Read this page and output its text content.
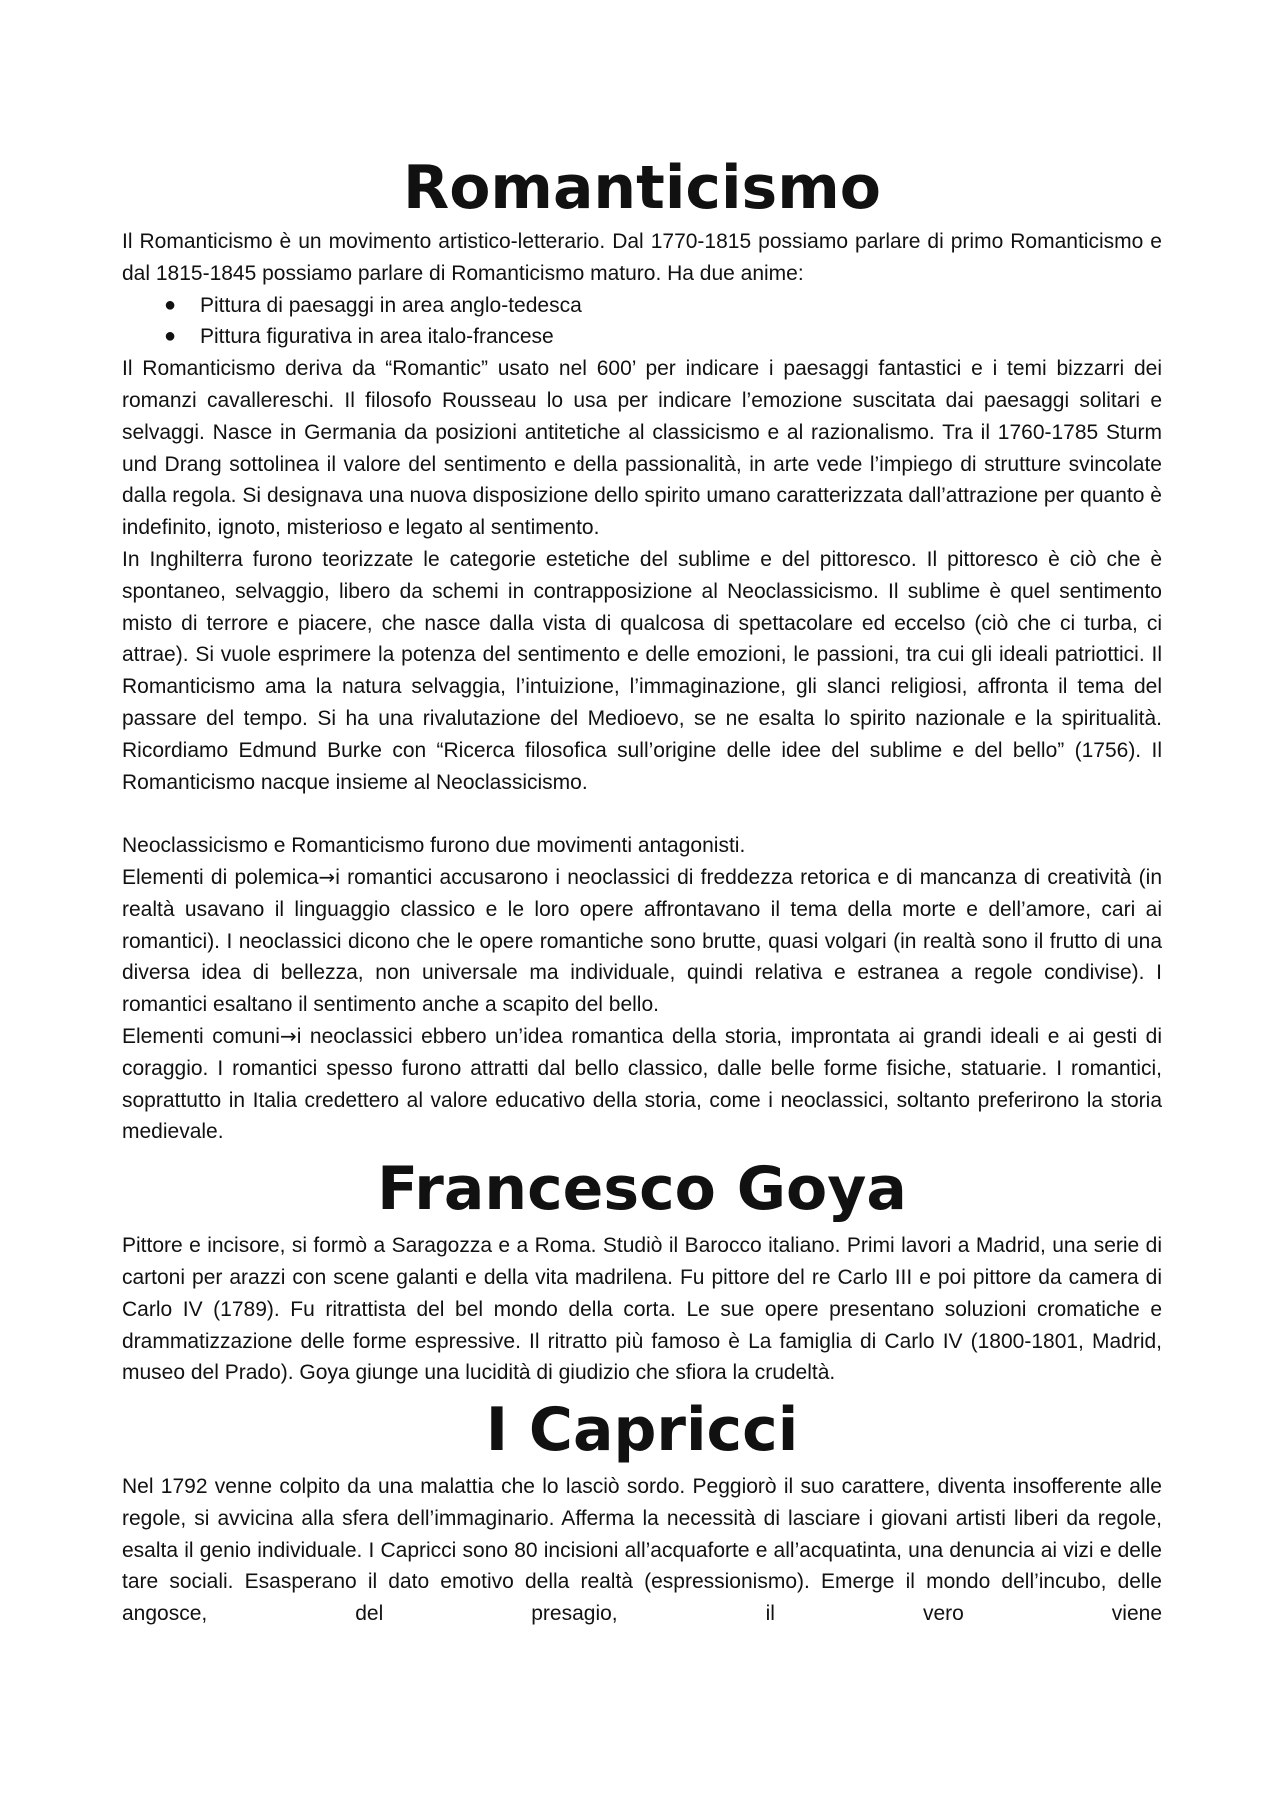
Romanticismo

Il Romanticismo è un movimento artistico-letterario. Dal 1770-1815 possiamo parlare di primo Romanticismo e dal 1815-1845 possiamo parlare di Romanticismo maturo. Ha due anime:

● Pittura di paesaggi in area anglo-tedesca
● Pittura figurativa in area italo-francese

Il Romanticismo deriva da “Romantic” usato nel 600’ per indicare i paesaggi fantastici e i temi bizzarri dei romanzi cavallereschi. Il filosofo Rousseau lo usa per indicare l’emozione suscitata dai paesaggi solitari e selvaggi. Nasce in Germania da posizioni antitetiche al classicismo e al razionalismo. Tra il 1760-1785 Sturm und Drang sottolinea il valore del sentimento e della passionalità, in arte vede l’impiego di strutture svincolate dalla regola. Si designava una nuova disposizione dello spirito umano caratterizzata dall’attrazione per quanto è indefinito, ignoto, misterioso e legato al sentimento.

In Inghilterra furono teorizzate le categorie estetiche del sublime e del pittoresco. Il pittoresco è ciò che è spontaneo, selvaggio, libero da schemi in contrapposizione al Neoclassicismo. Il sublime è quel sentimento misto di terrore e piacere, che nasce dalla vista di qualcosa di spettacolare ed eccelso (ciò che ci turba, ci attrae). Si vuole esprimere la potenza del sentimento e delle emozioni, le passioni, tra cui gli ideali patriottici. Il Romanticismo ama la natura selvaggia, l’intuizione, l’immaginazione, gli slanci religiosi, affronta il tema del passare del tempo. Si ha una rivalutazione del Medioevo, se ne esalta lo spirito nazionale e la spiritualità. Ricordiamo Edmund Burke con “Ricerca filosofica sull’origine delle idee del sublime e del bello” (1756). Il Romanticismo nacque insieme al Neoclassicismo.

Neoclassicismo e Romanticismo furono due movimenti antagonisti.

Elementi di polemica→i romantici accusarono i neoclassici di freddezza retorica e di mancanza di creatività (in realtà usavano il linguaggio classico e le loro opere affrontavano il tema della morte e dell’amore, cari ai romantici). I neoclassici dicono che le opere romantiche sono brutte, quasi volgari (in realtà sono il frutto di una diversa idea di bellezza, non universale ma individuale, quindi relativa e estranea a regole condivise). I romantici esaltano il sentimento anche a scapito del bello.

Elementi comuni→i neoclassici ebbero un’idea romantica della storia, improntata ai grandi ideali e ai gesti di coraggio. I romantici spesso furono attratti dal bello classico, dalle belle forme fisiche, statuarie. I romantici, soprattutto in Italia credettero al valore educativo della storia, come i neoclassici, soltanto preferirono la storia medievale.

Francesco Goya

Pittore e incisore, si formò a Saragozza e a Roma. Studiò il Barocco italiano. Primi lavori a Madrid, una serie di cartoni per arazzi con scene galanti e della vita madrilena. Fu pittore del re Carlo III e poi pittore da camera di Carlo IV (1789). Fu ritrattista del bel mondo della corta. Le sue opere presentano soluzioni cromatiche e drammatizzazione delle forme espressive. Il ritratto più famoso è La famiglia di Carlo IV (1800-1801, Madrid, museo del Prado). Goya giunge una lucidità di giudizio che sfiora la crudeltà.

I Capricci

Nel 1792 venne colpito da una malattia che lo lasciò sordo. Peggiorò il suo carattere, diventa insofferente alle regole, si avvicina alla sfera dell’immaginario. Afferma la necessità di lasciare i giovani artisti liberi da regole, esalta il genio individuale. I Capricci sono 80 incisioni all’acquaforte e all’acquatinta, una denuncia ai vizi e delle tare sociali. Esasperano il dato emotivo della realtà (espressionismo). Emerge il mondo dell’incubo, delle angosce, del presagio, il vero viene
